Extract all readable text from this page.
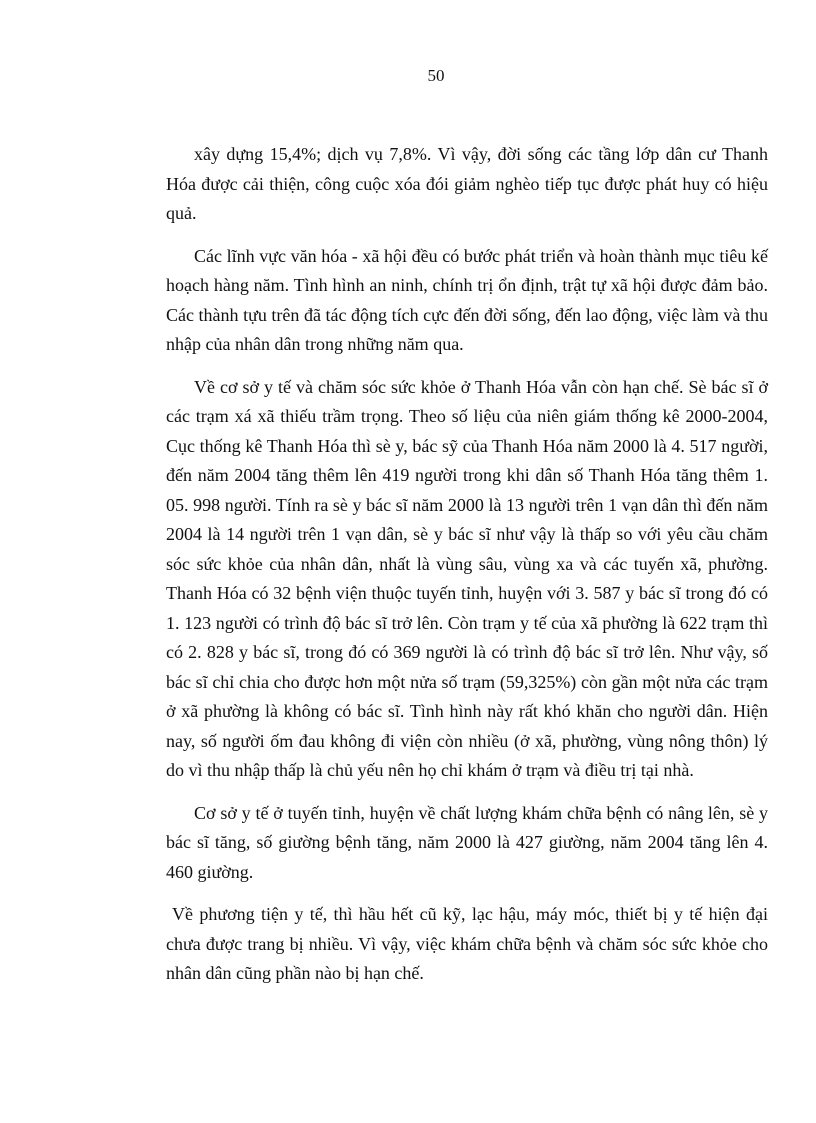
50

xây dựng 15,4%; dịch vụ 7,8%. Vì vậy, đời sống các tầng lớp dân cư Thanh Hóa được cải thiện, công cuộc xóa đói giảm nghèo tiếp tục được phát huy có hiệu quả.

Các lĩnh vực văn hóa - xã hội đều có bước phát triển và hoàn thành mục tiêu kế hoạch hàng năm. Tình hình an ninh, chính trị ổn định, trật tự xã hội được đảm bảo. Các thành tựu trên đã tác động tích cực đến đời sống, đến lao động, việc làm và thu nhập của nhân dân trong những năm qua.

Về cơ sở y tế và chăm sóc sức khỏe ở Thanh Hóa vẫn còn hạn chế. Sè bác sĩ ở các trạm xá xã thiếu trầm trọng. Theo số liệu của niên giám thống kê 2000-2004, Cục thống kê Thanh Hóa thì sè y, bác sỹ của Thanh Hóa năm 2000 là 4. 517 người, đến năm 2004 tăng thêm lên 419 người trong khi dân số Thanh Hóa tăng thêm 1. 05. 998 người. Tính ra sè y bác sĩ năm 2000 là 13 người trên 1 vạn dân thì đến năm 2004 là 14 người trên 1 vạn dân, sè y bác sĩ như vậy là thấp so với yêu cầu chăm sóc sức khỏe của nhân dân, nhất là vùng sâu, vùng xa và các tuyến xã, phường. Thanh Hóa có 32 bệnh viện thuộc tuyến tỉnh, huyện với 3. 587 y bác sĩ trong đó có 1. 123 người có trình độ bác sĩ trở lên. Còn trạm y tế của xã phường là 622 trạm thì có 2. 828 y bác sĩ, trong đó có 369 người là có trình độ bác sĩ trở lên. Như vậy, số bác sĩ chỉ chia cho được hơn một nửa số trạm (59,325%) còn gần một nửa các trạm ở xã phường là không có bác sĩ. Tình hình này rất khó khăn cho người dân. Hiện nay, số người ốm đau không đi viện còn nhiều (ở xã, phường, vùng nông thôn) lý do vì thu nhập thấp là chủ yếu nên họ chỉ khám ở trạm và điều trị tại nhà.

Cơ sở y tế ở tuyến tỉnh, huyện về chất lượng khám chữa bệnh có nâng lên, sè y bác sĩ tăng, số giường bệnh tăng, năm 2000 là 427 giường, năm 2004 tăng lên 4. 460 giường.

Về phương tiện y tế, thì hầu hết cũ kỹ, lạc hậu, máy móc, thiết bị y tế hiện đại chưa được trang bị nhiều. Vì vậy, việc khám chữa bệnh và chăm sóc sức khỏe cho nhân dân cũng phần nào bị hạn chế.
